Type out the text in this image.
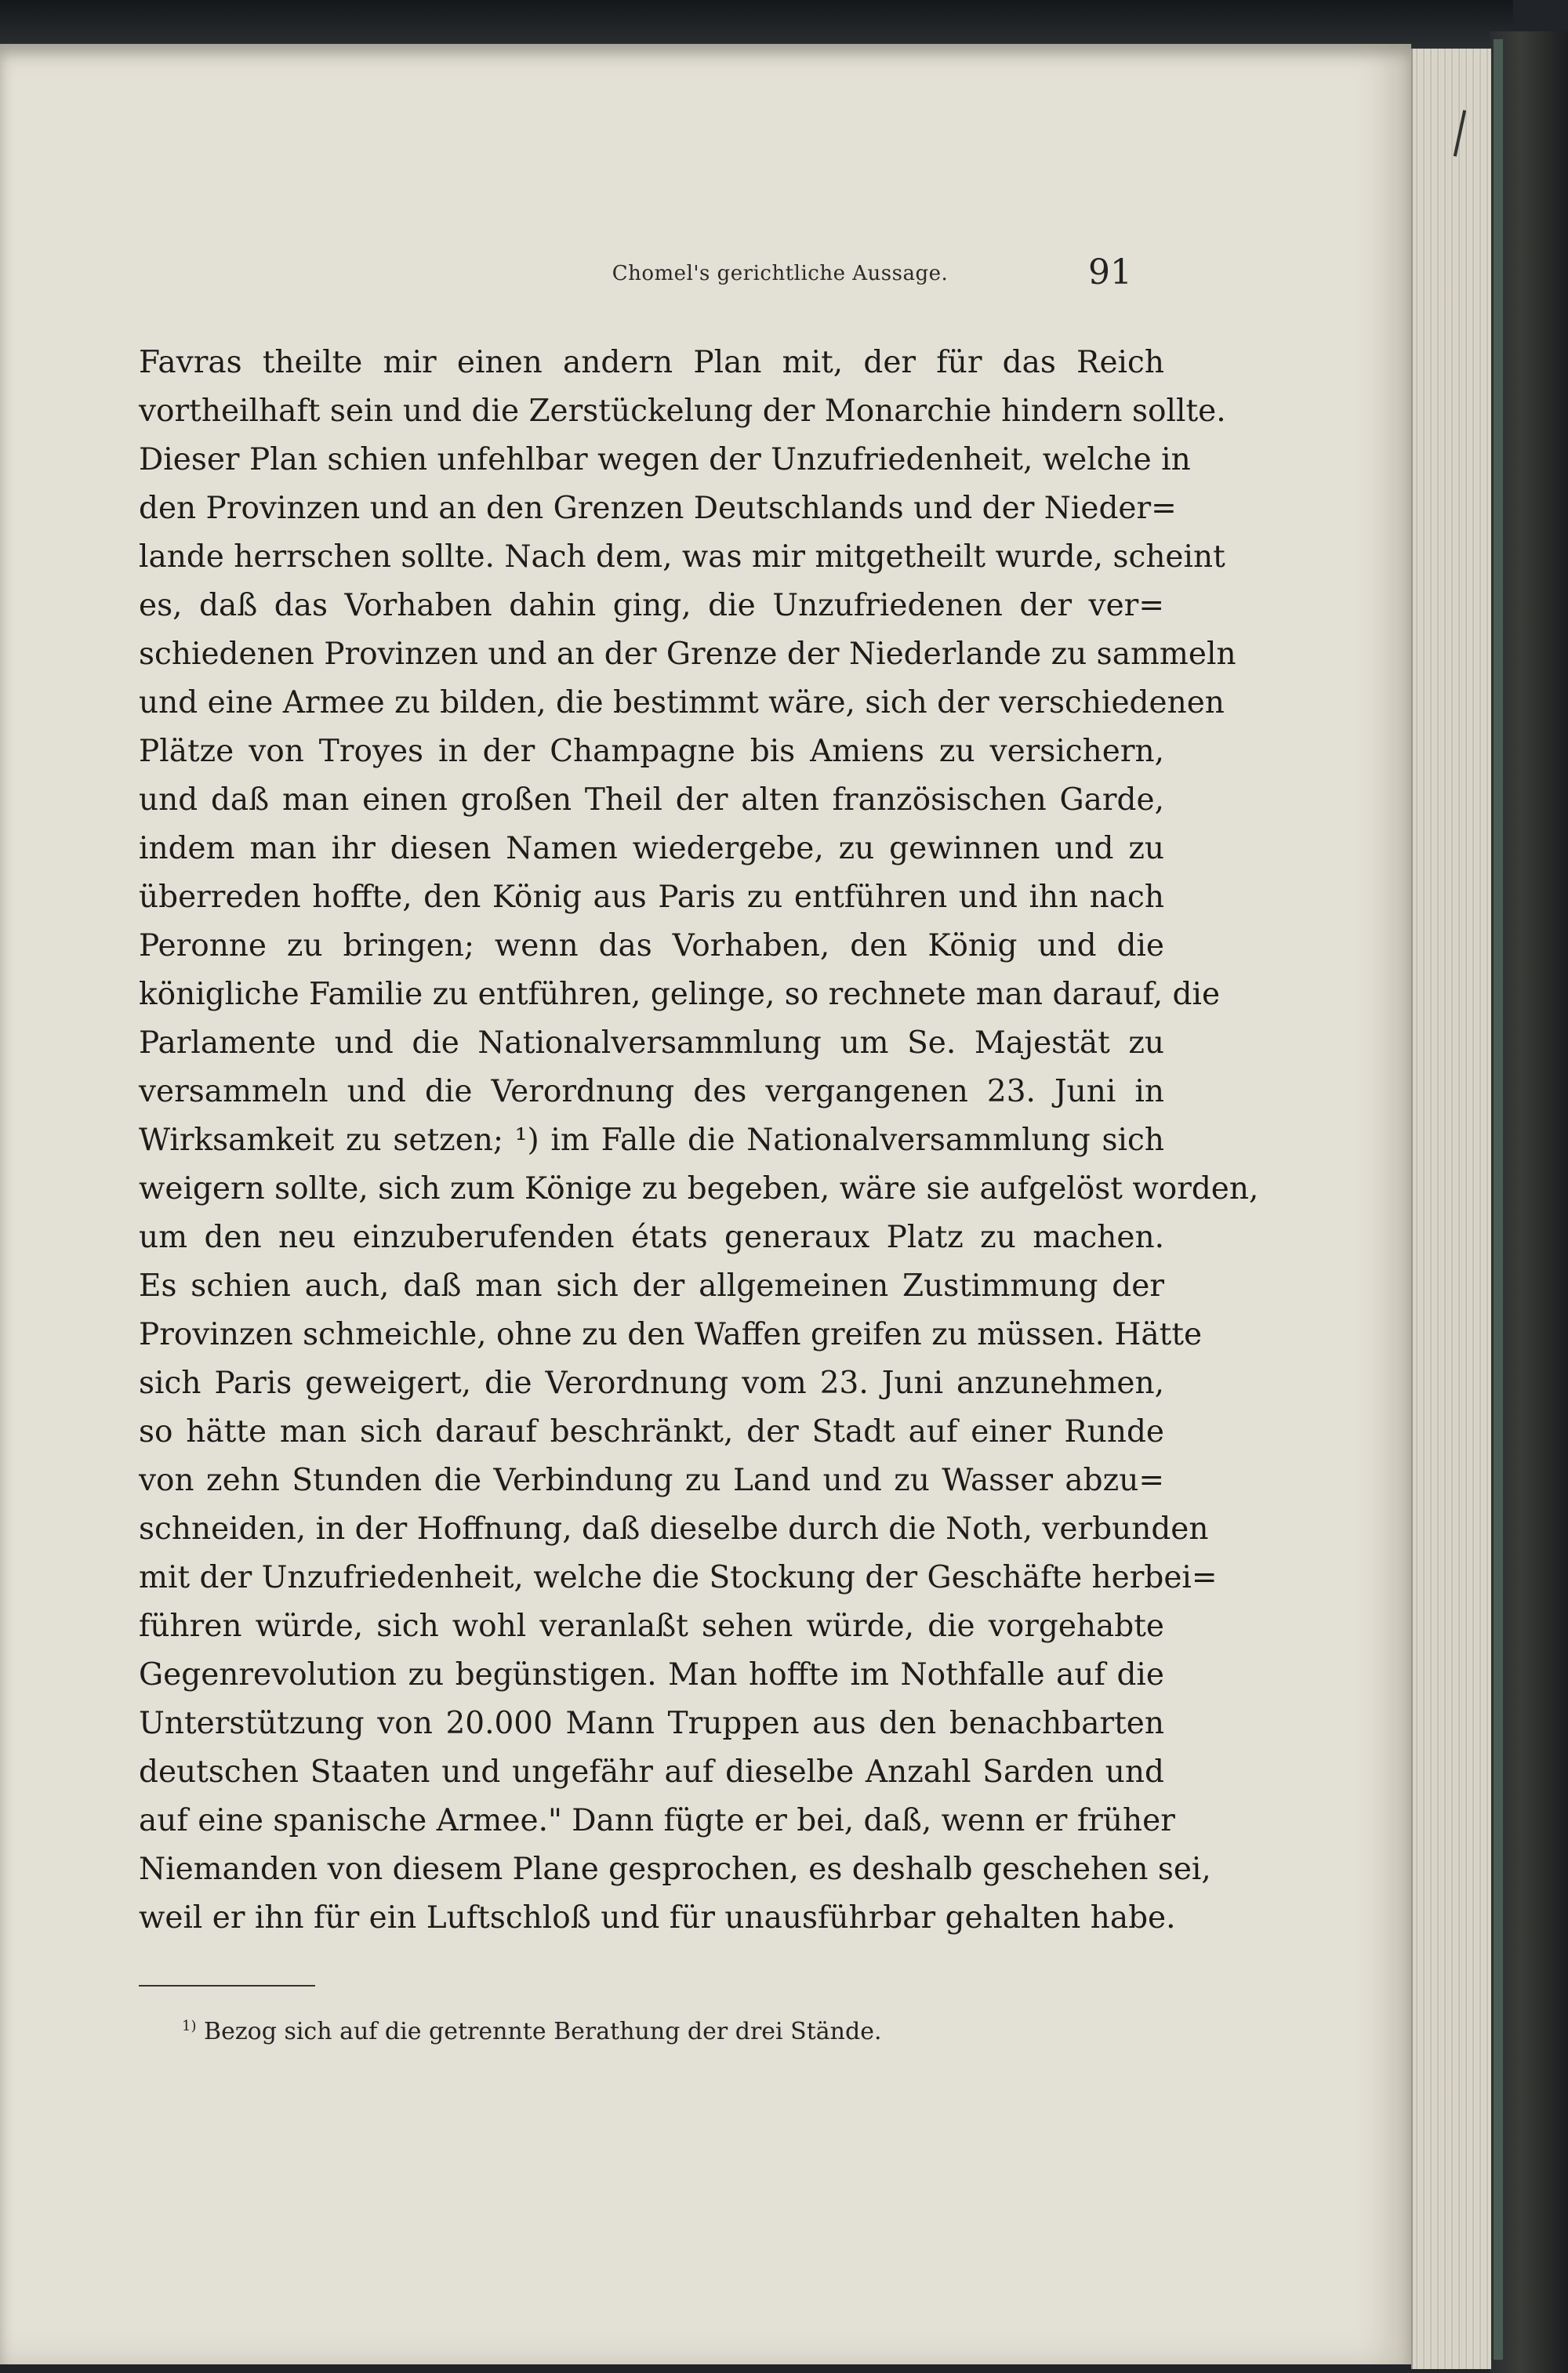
Chomel's gerichtliche Aussage.	91
Favras theilte mir einen andern Plan mit, der für das Reich
vortheilhaft sein und die Zerstückelung der Monarchie hindern sollte.
Dieser Plan schien unfehlbar wegen der Unzufriedenheit, welche in
den Provinzen und an den Grenzen Deutschlands und der Nieder=
lande herrschen sollte. Nach dem, was mir mitgetheilt wurde, scheint
es, daß das Vorhaben dahin ging, die Unzufriedenen der ver=
schiedenen Provinzen und an der Grenze der Niederlande zu sammeln
und eine Armee zu bilden, die bestimmt wäre, sich der verschiedenen
Plätze von Troyes in der Champagne bis Amiens zu versichern,
und daß man einen großen Theil der alten französischen Garde,
indem man ihr diesen Namen wiedergebe, zu gewinnen und zu
überreden hoffte, den König aus Paris zu entführen und ihn nach
Peronne zu bringen; wenn das Vorhaben, den König und die
königliche Familie zu entführen, gelinge, so rechnete man darauf, die
Parlamente und die Nationalversammlung um Se. Majestät zu
versammeln und die Verordnung des vergangenen 23. Juni in
Wirksamkeit zu setzen; ¹) im Falle die Nationalversammlung sich
weigern sollte, sich zum Könige zu begeben, wäre sie aufgelöst worden,
um den neu einzuberufenden états generaux Platz zu machen.
Es schien auch, daß man sich der allgemeinen Zustimmung der
Provinzen schmeichle, ohne zu den Waffen greifen zu müssen. Hätte
sich Paris geweigert, die Verordnung vom 23. Juni anzunehmen,
so hätte man sich darauf beschränkt, der Stadt auf einer Runde
von zehn Stunden die Verbindung zu Land und zu Wasser abzu=
schneiden, in der Hoffnung, daß dieselbe durch die Noth, verbunden
mit der Unzufriedenheit, welche die Stockung der Geschäfte herbei=
führen würde, sich wohl veranlaßt sehen würde, die vorgehabte
Gegenrevolution zu begünstigen. Man hoffte im Nothfalle auf die
Unterstützung von 20.000 Mann Truppen aus den benachbarten
deutschen Staaten und ungefähr auf dieselbe Anzahl Sarden und
auf eine spanische Armee." Dann fügte er bei, daß, wenn er früher
Niemanden von diesem Plane gesprochen, es deshalb geschehen sei,
weil er ihn für ein Luftschloß und für unausführbar gehalten habe.
$^{1)}$ Bezog sich auf die getrennte Berathung der drei Stände.
